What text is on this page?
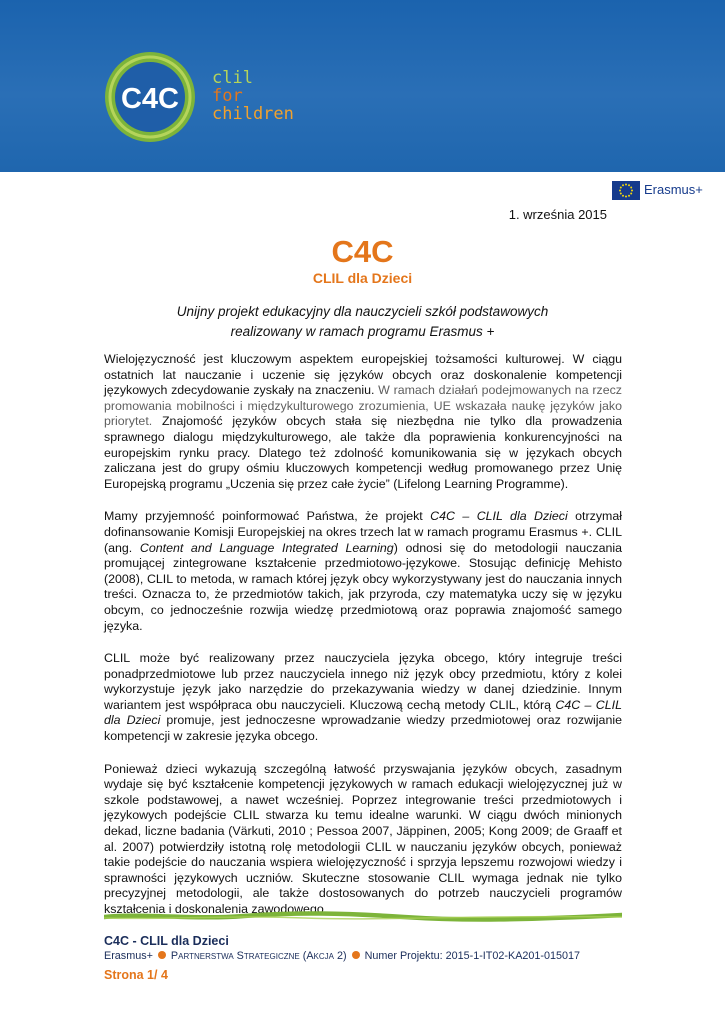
C4C
clil
for
children
Erasmus+
1. września 2015
C4C
CLIL dla Dzieci
Unijny projekt edukacyjny dla nauczycieli szkół podstawowych
realizowany w ramach programu Erasmus +

Wielojęzyczność jest kluczowym aspektem europejskiej tożsamości kulturowej. W ciągu ostatnich lat nauczanie i uczenie się języków obcych oraz doskonalenie kompetencji językowych zdecydowanie zyskały na znaczeniu. W ramach działań podejmowanych na rzecz promowania mobilności i międzykulturowego zrozumienia, UE wskazała naukę języków jako priorytet. Znajomość języków obcych stała się niezbędna nie tylko dla prowadzenia sprawnego dialogu międzykulturowego, ale także dla poprawienia konkurencyjności na europejskim rynku pracy. Dlatego też zdolność komunikowania się w językach obcych zaliczana jest do grupy ośmiu kluczowych kompetencji według promowanego przez Unię Europejską programu „Uczenia się przez całe życie” (Lifelong Learning Programme).

Mamy przyjemność poinformować Państwa, że projekt C4C – CLIL dla Dzieci otrzymał dofinansowanie Komisji Europejskiej na okres trzech lat w ramach programu Erasmus +. CLIL (ang. Content and Language Integrated Learning) odnosi się do metodologii nauczania promującej zintegrowane kształcenie przedmiotowo-językowe. Stosując definicję Mehisto (2008), CLIL to metoda, w ramach której język obcy wykorzystywany jest do nauczania innych treści. Oznacza to, że przedmiotów takich, jak przyroda, czy matematyka uczy się w języku obcym, co jednocześnie rozwija wiedzę przedmiotową oraz poprawia znajomość samego języka.

CLIL może być realizowany przez nauczyciela języka obcego, który integruje treści ponadprzedmiotowe lub przez nauczyciela innego niż język obcy przedmiotu, który z kolei wykorzystuje język jako narzędzie do przekazywania wiedzy w danej dziedzinie. Innym wariantem jest współpraca obu nauczycieli. Kluczową cechą metody CLIL, którą C4C – CLIL dla Dzieci promuje, jest jednoczesne wprowadzanie wiedzy przedmiotowej oraz rozwijanie kompetencji w zakresie języka obcego.

Ponieważ dzieci wykazują szczególną łatwość przyswajania języków obcych, zasadnym wydaje się być kształcenie kompetencji językowych w ramach edukacji wielojęzycznej już w szkole podstawowej, a nawet wcześniej. Poprzez integrowanie treści przedmiotowych i językowych podejście CLIL stwarza ku temu idealne warunki. W ciągu dwóch minionych dekad, liczne badania (Värkuti, 2010 ; Pessoa 2007, Jäppinen, 2005; Kong 2009; de Graaff et al. 2007) potwierdziły istotną rolę metodologii CLIL w nauczaniu języków obcych, ponieważ takie podejście do nauczania wspiera wielojęzyczność i sprzyja lepszemu rozwojowi wiedzy i sprawności językowych uczniów. Skuteczne stosowanie CLIL wymaga jednak nie tylko precyzyjnej metodologii, ale także dostosowanych do potrzeb nauczycieli programów kształcenia i doskonalenia zawodowego.

C4C - CLIL dla Dzieci
Erasmus+ Partnerstwa Strategiczne (Akcja 2) Numer Projektu: 2015-1-IT02-KA201-015017
Strona 1/ 4
